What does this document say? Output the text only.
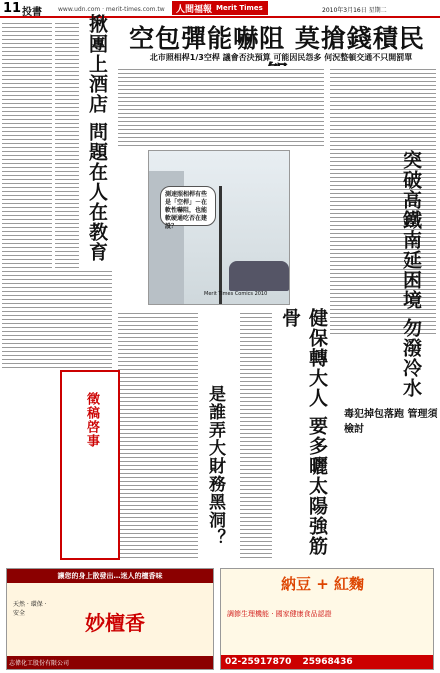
11 投書	www.udn.com · merit-times.com.tw 人間福報 Merit Times	2010年3月16日 星期二
揪團上酒店 問題在人在教育 空包彈能嚇阻 莫搶錢積民
北市照相桿1/3空桿 議會否決預算 可能因民怨多 何況整頓交通不只開罰單
突破高鐵南延困境 勿潑冷水
毒犯掉包落跑 管理須檢討
Merit Times Comics 2010
測速照相桿有些是「空桿」－在軟性嚇阻，也能軟硬通吃否在建設？
健保轉大人 要多曬太陽強筋骨
是誰弄大財務黑洞？
徵稿啓事
讓您的身上散發出…迷人的檀香味
妙檀香
天然 · 環保 · 安全
志偉化工股份有限公司
納豆 + 紅麴
調節生理機能 · 國家健康食品認證
02-25917870 25968436
